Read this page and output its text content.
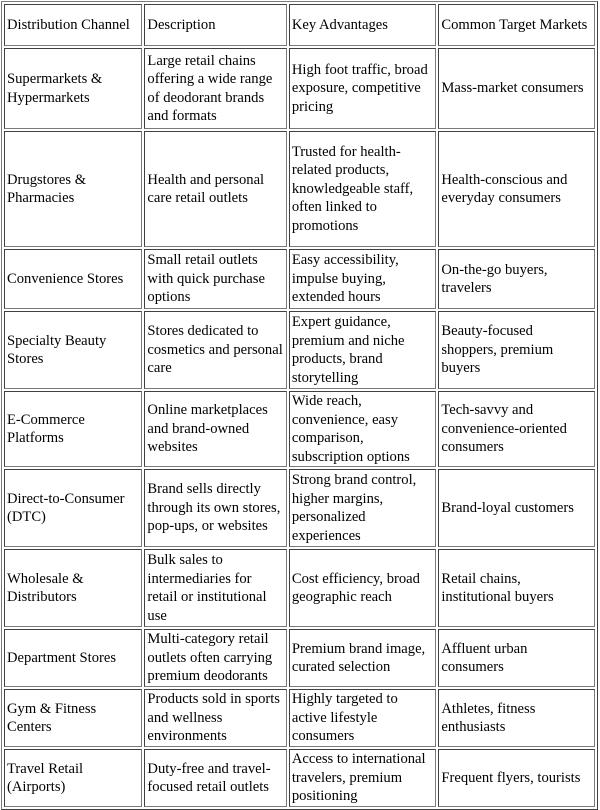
Distribution Channel	Description	Key Advantages	Common Target Markets
Supermarkets & Hypermarkets	Large retail chains offering a wide range of deodorant brands and formats	High foot traffic, broad exposure, competitive pricing	Mass-market consumers
Drugstores & Pharmacies	Health and personal care retail outlets	Trusted for health-related products, knowledgeable staff, often linked to promotions	Health-conscious and everyday consumers
Convenience Stores	Small retail outlets with quick purchase options	Easy accessibility, impulse buying, extended hours	On-the-go buyers, travelers
Specialty Beauty Stores	Stores dedicated to cosmetics and personal care	Expert guidance, premium and niche products, brand storytelling	Beauty-focused shoppers, premium buyers
E-Commerce Platforms	Online marketplaces and brand-owned websites	Wide reach, convenience, easy comparison, subscription options	Tech-savvy and convenience-oriented consumers
Direct-to-Consumer (DTC)	Brand sells directly through its own stores, pop-ups, or websites	Strong brand control, higher margins, personalized experiences	Brand-loyal customers
Wholesale & Distributors	Bulk sales to intermediaries for retail or institutional use	Cost efficiency, broad geographic reach	Retail chains, institutional buyers
Department Stores	Multi-category retail outlets often carrying premium deodorants	Premium brand image, curated selection	Affluent urban consumers
Gym & Fitness Centers	Products sold in sports and wellness environments	Highly targeted to active lifestyle consumers	Athletes, fitness enthusiasts
Travel Retail (Airports)	Duty-free and travel-focused retail outlets	Access to international travelers, premium positioning	Frequent flyers, tourists
